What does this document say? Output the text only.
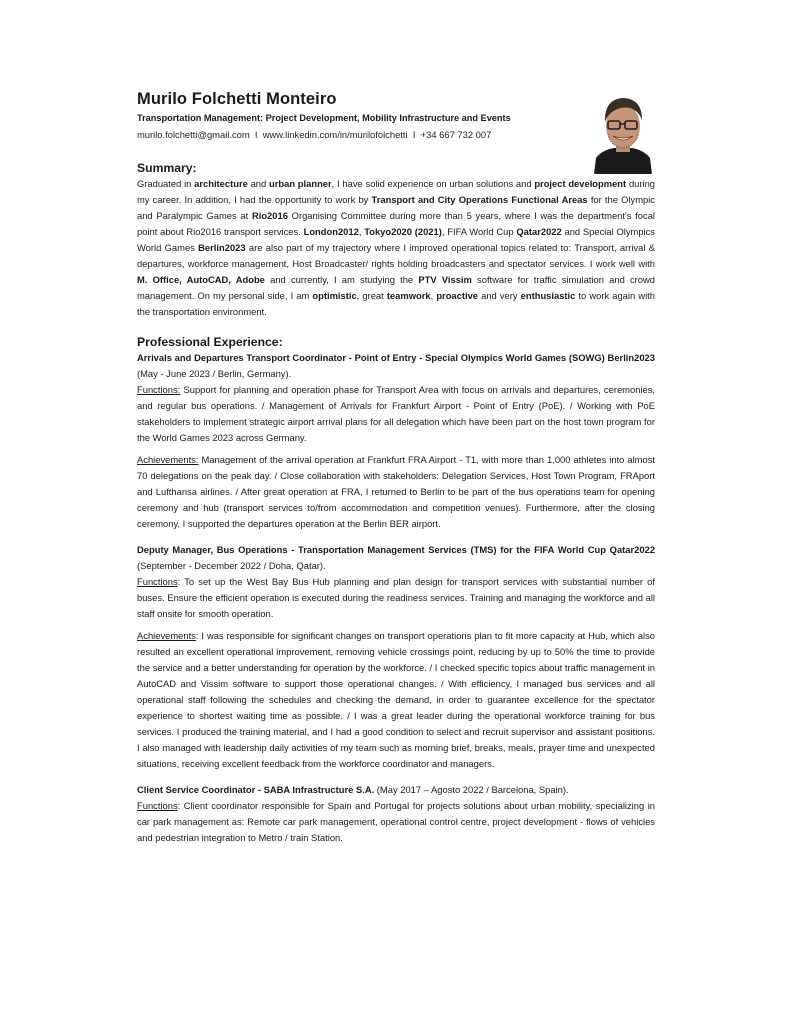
Murilo Folchetti Monteiro
Transportation Management: Project Development, Mobility Infrastructure and Events
murilo.folchetti@gmail.com I www.linkedin.com/in/murilofolchetti I +34 667 732 007
Summary:

Graduated in architecture and urban planner, I have solid experience on urban solutions and project development during my career. In addition, I had the opportunity to work by Transport and City Operations Functional Areas for the Olympic and Paralympic Games at Rio2016 Organising Committee during more than 5 years, where I was the department's focal point about Rio2016 transport services. London2012, Tokyo2020 (2021), FIFA World Cup Qatar2022 and Special Olympics World Games Berlin2023 are also part of my trajectory where I improved operational topics related to: Transport, arrival & departures, workforce management, Host Broadcaster/ rights holding broadcasters and spectator services. I work well with M. Office, AutoCAD, Adobe and currently, I am studying the PTV Vissim software for traffic simulation and crowd management. On my personal side, I am optimistic, great teamwork, proactive and very enthusiastic to work again with the transportation environment.

Professional Experience:

Arrivals and Departures Transport Coordinator - Point of Entry - Special Olympics World Games (SOWG) Berlin2023 (May - June 2023 / Berlin, Germany).

Functions: Support for planning and operation phase for Transport Area with focus on arrivals and departures, ceremonies, and regular bus operations. / Management of Arrivals for Frankfurt Airport - Point of Entry (PoE). / Working with PoE stakeholders to implement strategic airport arrival plans for all delegation which have been part on the host town program for the World Games 2023 across Germany.

Achievements: Management of the arrival operation at Frankfurt FRA Airport - T1, with more than 1,000 athletes into almost 70 delegations on the peak day. / Close collaboration with stakeholders: Delegation Services, Host Town Program, FRAport and Lufthansa airlines. / After great operation at FRA, I returned to Berlin to be part of the bus operations team for opening ceremony and hub (transport services to/from accommodation and competition venues). Furthermore, after the closing ceremony, I supported the departures operation at the Berlin BER airport.

Deputy Manager, Bus Operations - Transportation Management Services (TMS) for the FIFA World Cup Qatar2022 (September - December 2022 / Doha, Qatar).

Functions: To set up the West Bay Bus Hub planning and plan design for transport services with substantial number of buses. Ensure the efficient operation is executed during the readiness services. Training and managing the workforce and all staff onsite for smooth operation.

Achievements: I was responsible for significant changes on transport operations plan to fit more capacity at Hub, which also resulted an excellent operational improvement, removing vehicle crossings point, reducing by up to 50% the time to provide the service and a better understanding for operation by the workforce. / I checked specific topics about traffic management in AutoCAD and Vissim software to support those operational changes. / With efficiency, I managed bus services and all operational staff following the schedules and checking the demand, in order to guarantee excellence for the spectator experience to shortest waiting time as possible. / I was a great leader during the operational workforce training for bus services. I produced the training material, and I had a good condition to select and recruit supervisor and assistant positions. I also managed with leadership daily activities of my team such as morning brief, breaks, meals, prayer time and unexpected situations, receiving excellent feedback from the workforce coordinator and managers.

Client Service Coordinator - SABA Infrastructure S.A. (May 2017 – Agosto 2022 / Barcelona, Spain).

Functions: Client coordinator responsible for Spain and Portugal for projects solutions about urban mobility, specializing in car park management as: Remote car park management, operational control centre, project development - flows of vehicles and pedestrian integration to Metro / train Station.
